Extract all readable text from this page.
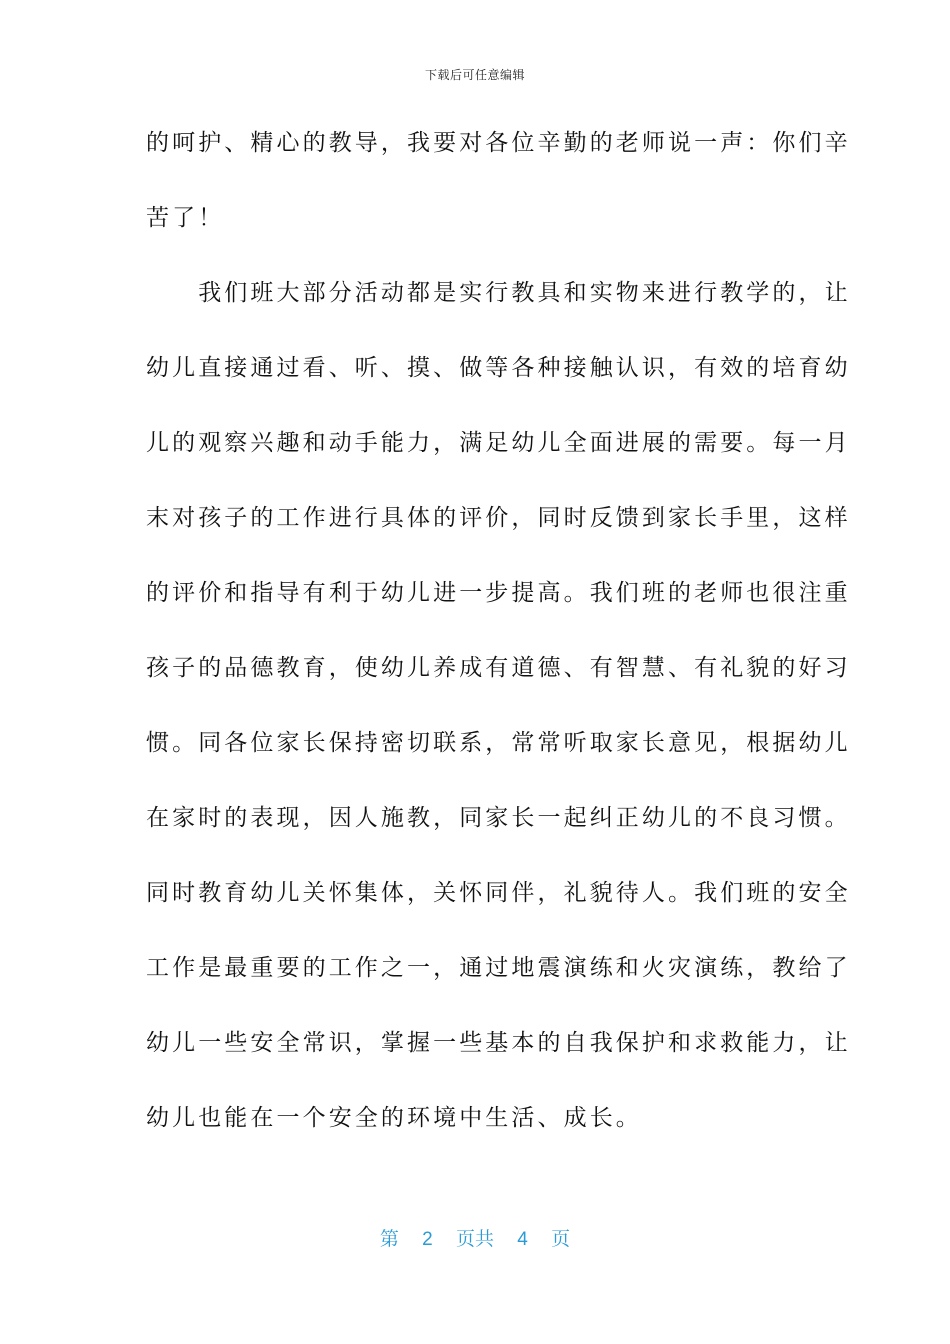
下载后可任意编辑
的呵护、精心的教导，我要对各位辛勤的老师说一声：你们辛
苦了！
　　我们班大部分活动都是实行教具和实物来进行教学的，让
幼儿直接通过看、听、摸、做等各种接触认识，有效的培育幼
儿的观察兴趣和动手能力，满足幼儿全面进展的需要。每一月
末对孩子的工作进行具体的评价，同时反馈到家长手里，这样
的评价和指导有利于幼儿进一步提高。我们班的老师也很注重
孩子的品德教育，使幼儿养成有道德、有智慧、有礼貌的好习
惯。同各位家长保持密切联系，常常听取家长意见，根据幼儿
在家时的表现，因人施教，同家长一起纠正幼儿的不良习惯。
同时教育幼儿关怀集体，关怀同伴，礼貌待人。我们班的安全
工作是最重要的工作之一，通过地震演练和火灾演练，教给了
幼儿一些安全常识，掌握一些基本的自我保护和求救能力，让
幼儿也能在一个安全的环境中生活、成长。
第 2 页共 4 页
